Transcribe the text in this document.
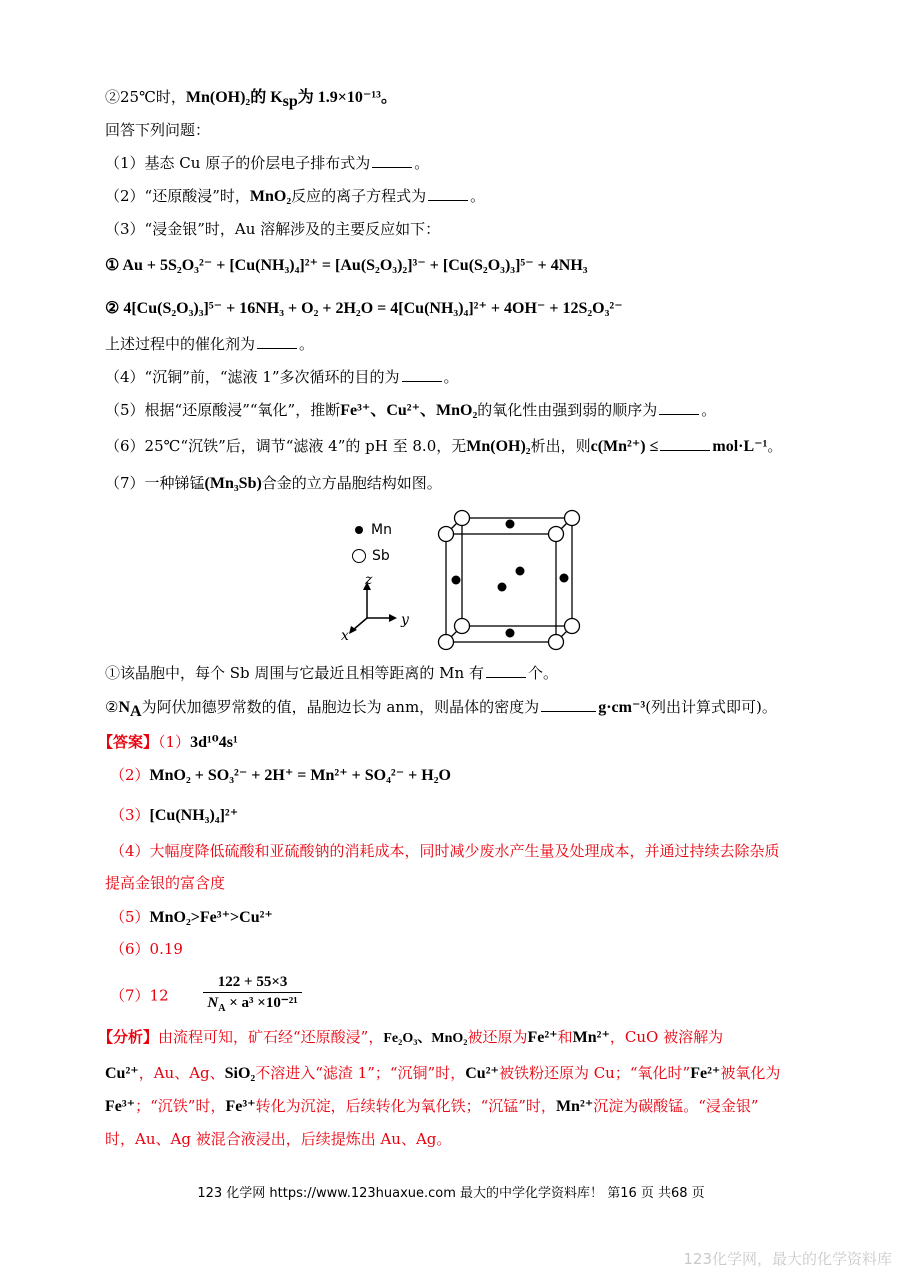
②25℃时，Mn(OH)₂的 $K_{sp}$为 1.9×10⁻¹³。
回答下列问题：
（1）基态 Cu 原子的价层电子排布式为	。
（2）“还原酸浸”时，MnO₂反应的离子方程式为	。
（3）“浸金银”时，Au 溶解涉及的主要反应如下：
① Au + 5S₂O₃²⁻ + [Cu(NH₃)₄]²⁺ = [Au(S₂O₃)₂]³⁻ + [Cu(S₂O₃)₃]⁵⁻ + 4NH₃
② 4[Cu(S₂O₃)₃]⁵⁻ + 16NH₃ + O₂ + 2H₂O = 4[Cu(NH₃)₄]²⁺ + 4OH⁻ + 12S₂O₃²⁻
上述过程中的催化剂为	。
（4）“沉铜”前，“滤液 1”多次循环的目的为	。
（5）根据“还原酸浸”“氧化”，推断Fe³⁺、Cu²⁺、MnO₂的氧化性由强到弱的顺序为	。
（6）25℃“沉铁”后，调节“滤液 4”的 pH 至 8.0，无Mn(OH)₂析出，则c(Mn²⁺) ≤	mol·L⁻¹。
（7）一种锑锰(Mn₃Sb)合金的立方晶胞结构如图。
Mn
Sb
z
y
x
①该晶胞中，每个 Sb 周围与它最近且相等距离的 Mn 有	个。
$②N_A$为阿伏加德罗常数的值，晶胞边长为 anm，则晶体的密度为	g·cm⁻³(列出计算式即可)。
【答案】（1）3d¹⁰4s¹
（2）MnO₂ + SO₃²⁻ + 2H⁺ = Mn²⁺ + SO₄²⁻ + H₂O
（3）[Cu(NH₃)₄]²⁺
（4）大幅度降低硫酸和亚硫酸钠的消耗成本，同时减少废水产生量及处理成本，并通过持续去除杂质
提高金银的富含度
（5）MnO₂>Fe³⁺>Cu²⁺
（6）0.19
$(7)12 \frac{122 + 55\times 3}{N_A \times a^3 \times 10^{-21}}$
【分析】由流程可知，矿石经“还原酸浸”，Fe₂O₃、MnO₂被还原为Fe²⁺和Mn²⁺，CuO 被溶解为
Cu²⁺，Au、Ag、SiO₂不溶进入“滤渣 1”；“沉铜”时，Cu²⁺被铁粉还原为 Cu；“氧化时”Fe²⁺被氧化为
Fe³⁺；“沉铁”时，Fe³⁺转化为沉淀，后续转化为氧化铁；“沉锰”时，Mn²⁺沉淀为碳酸锰。“浸金银”
时，Au、Ag 被混合液浸出，后续提炼出 Au、Ag。
123 化学网 https://www.123huaxue.com 最大的中学化学资料库！ 第16 页 共68 页
123化学网，最大的化学资料库
